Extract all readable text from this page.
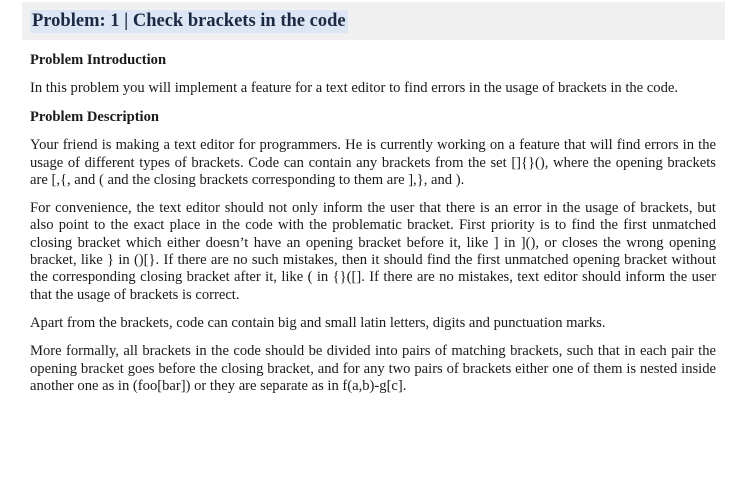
Problem: 1 | Check brackets in the code
Problem Introduction

In this problem you will implement a feature for a text editor to find errors in the usage of brackets in the code.

Problem Description

Your friend is making a text editor for programmers. He is currently working on a feature that will find errors in the usage of different types of brackets. Code can contain any brackets from the set []{}(), where the opening brackets are [,{, and ( and the closing brackets corresponding to them are ],}, and ).

For convenience, the text editor should not only inform the user that there is an error in the usage of brackets, but also point to the exact place in the code with the problematic bracket. First priority is to find the first unmatched closing bracket which either doesn’t have an opening bracket before it, like ] in ](), or closes the wrong opening bracket, like } in ()[}. If there are no such mistakes, then it should find the first unmatched opening bracket without the corresponding closing bracket after it, like ( in {}([]. If there are no mistakes, text editor should inform the user that the usage of brackets is correct.

Apart from the brackets, code can contain big and small latin letters, digits and punctuation marks.

More formally, all brackets in the code should be divided into pairs of matching brackets, such that in each pair the opening bracket goes before the closing bracket, and for any two pairs of brackets either one of them is nested inside another one as in (foo[bar]) or they are separate as in f(a,b)-g[c].
